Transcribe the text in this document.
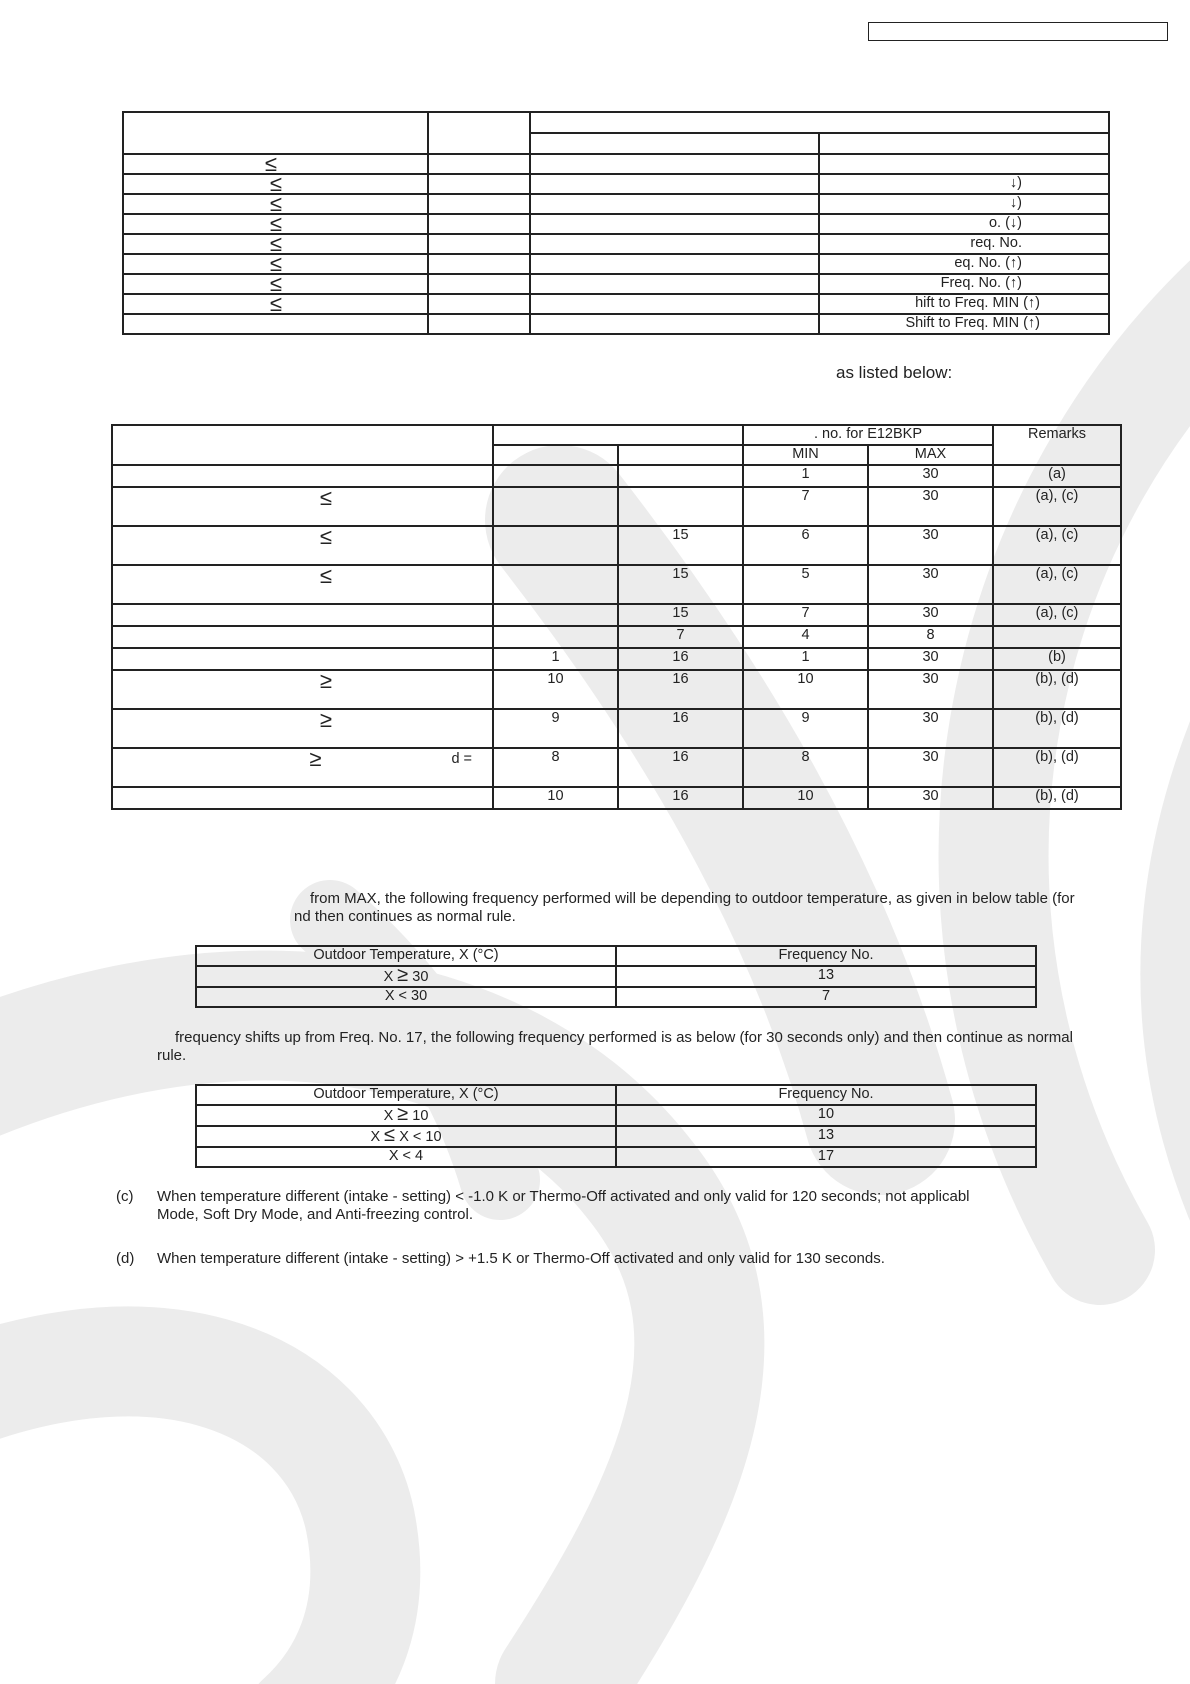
≤			
≤			↓)
≤			↓)
≤			o. (↓)
≤			req. No.
≤			eq. No. (↑)
≤			Freq. No. (↑)
≤			hift to Freq. MIN (↑)
			Shift to Freq. MIN (↑)
as listed below:
			. no. for E12BKP		Remarks
			MIN	MAX	
			1	30	(a)
≤			7	30	(a), (c)
≤		15	6	30	(a), (c)
≤		15	5	30	(a), (c)
		15	7	30	(a), (c)
		7	4	8	
	1	16	1	30	(b)
≥	10	16	10	30	(b), (d)
≥	9	16	9	30	(b), (d)
≥ $^{d =}$	8	16	8	30	(b), (d)
	10	16	10	30	(b), (d)
from MAX, the following frequency performed will be depending to outdoor temperature, as given in below table (for
nd then continues as normal rule.
Outdoor Temperature, X (°C)	Frequency No.
X ≥ 30	13
X < 30	7
frequency shifts up from Freq. No. 17, the following frequency performed is as below (for 30 seconds only) and then continue as normal
rule.
Outdoor Temperature, X (°C)	Frequency No.
X ≥ 10	10
X ≤ X < 10	13
X < 4	17
(c) When temperature different (intake - setting) < -1.0 K or Thermo-Off activated and only valid for 120 seconds; not applicabl
Mode, Soft Dry Mode, and Anti-freezing control.
(d) When temperature different (intake - setting) > +1.5 K or Thermo-Off activated and only valid for 130 seconds.
